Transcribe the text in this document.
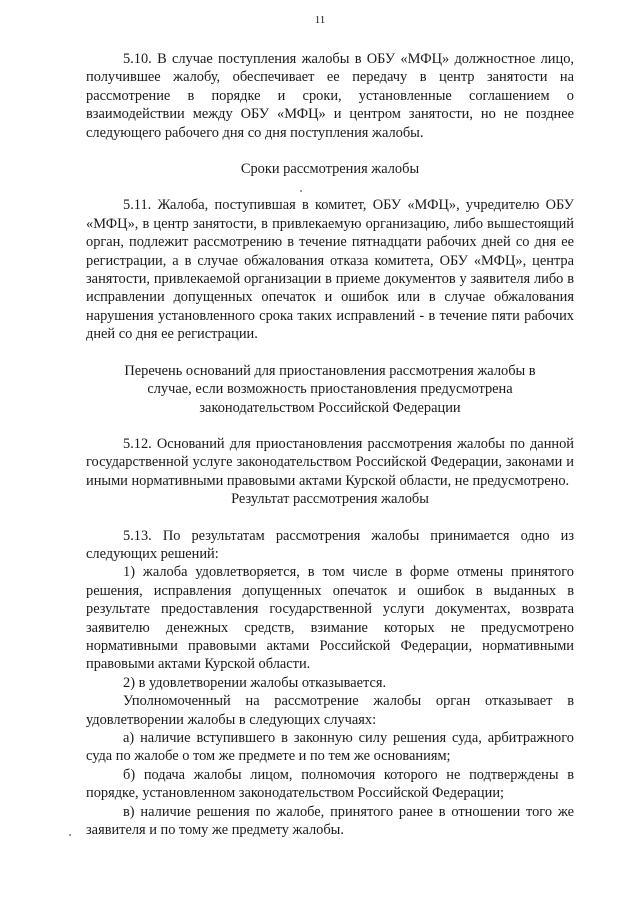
11

5.10. В случае поступления жалобы в ОБУ «МФЦ» должностное лицо, получившее жалобу, обеспечивает ее передачу в центр занятости на рассмотрение в порядке и сроки, установленные соглашением о взаимодействии между ОБУ «МФЦ» и центром занятости, но не позднее следующего рабочего дня со дня поступления жалобы.

Сроки рассмотрения жалобы

5.11. Жалоба, поступившая в комитет, ОБУ «МФЦ», учредителю ОБУ «МФЦ», в центр занятости, в привлекаемую организацию, либо вышестоящий орган, подлежит рассмотрению в течение пятнадцати рабочих дней со дня ее регистрации, а в случае обжалования отказа комитета, ОБУ «МФЦ», центра занятости, привлекаемой организации в приеме документов у заявителя либо в исправлении допущенных опечаток и ошибок или в случае обжалования нарушения установленного срока таких исправлений - в течение пяти рабочих дней со дня ее регистрации.

Перечень оснований для приостановления рассмотрения жалобы в

случае, если возможность приостановления предусмотрена

законодательством Российской Федерации

5.12. Оснований для приостановления рассмотрения жалобы по данной государственной услуге законодательством Российской Федерации, законами и иными нормативными правовыми актами Курской области, не предусмотрено.

Результат рассмотрения жалобы

5.13. По результатам рассмотрения жалобы принимается одно из следующих решений:

1) жалоба удовлетворяется, в том числе в форме отмены принятого решения, исправления допущенных опечаток и ошибок в выданных в результате предоставления государственной услуги документах, возврата заявителю денежных средств, взимание которых не предусмотрено нормативными правовыми актами Российской Федерации, нормативными правовыми актами Курской области.

2) в удовлетворении жалобы отказывается.

Уполномоченный на рассмотрение жалобы орган отказывает в удовлетворении жалобы в следующих случаях:

а) наличие вступившего в законную силу решения суда, арбитражного суда по жалобе о том же предмете и по тем же основаниям;

б) подача жалобы лицом, полномочия которого не подтверждены в порядке, установленном законодательством Российской Федерации;

в) наличие решения по жалобе, принятого ранее в отношении того же заявителя и по тому же предмету жалобы.
